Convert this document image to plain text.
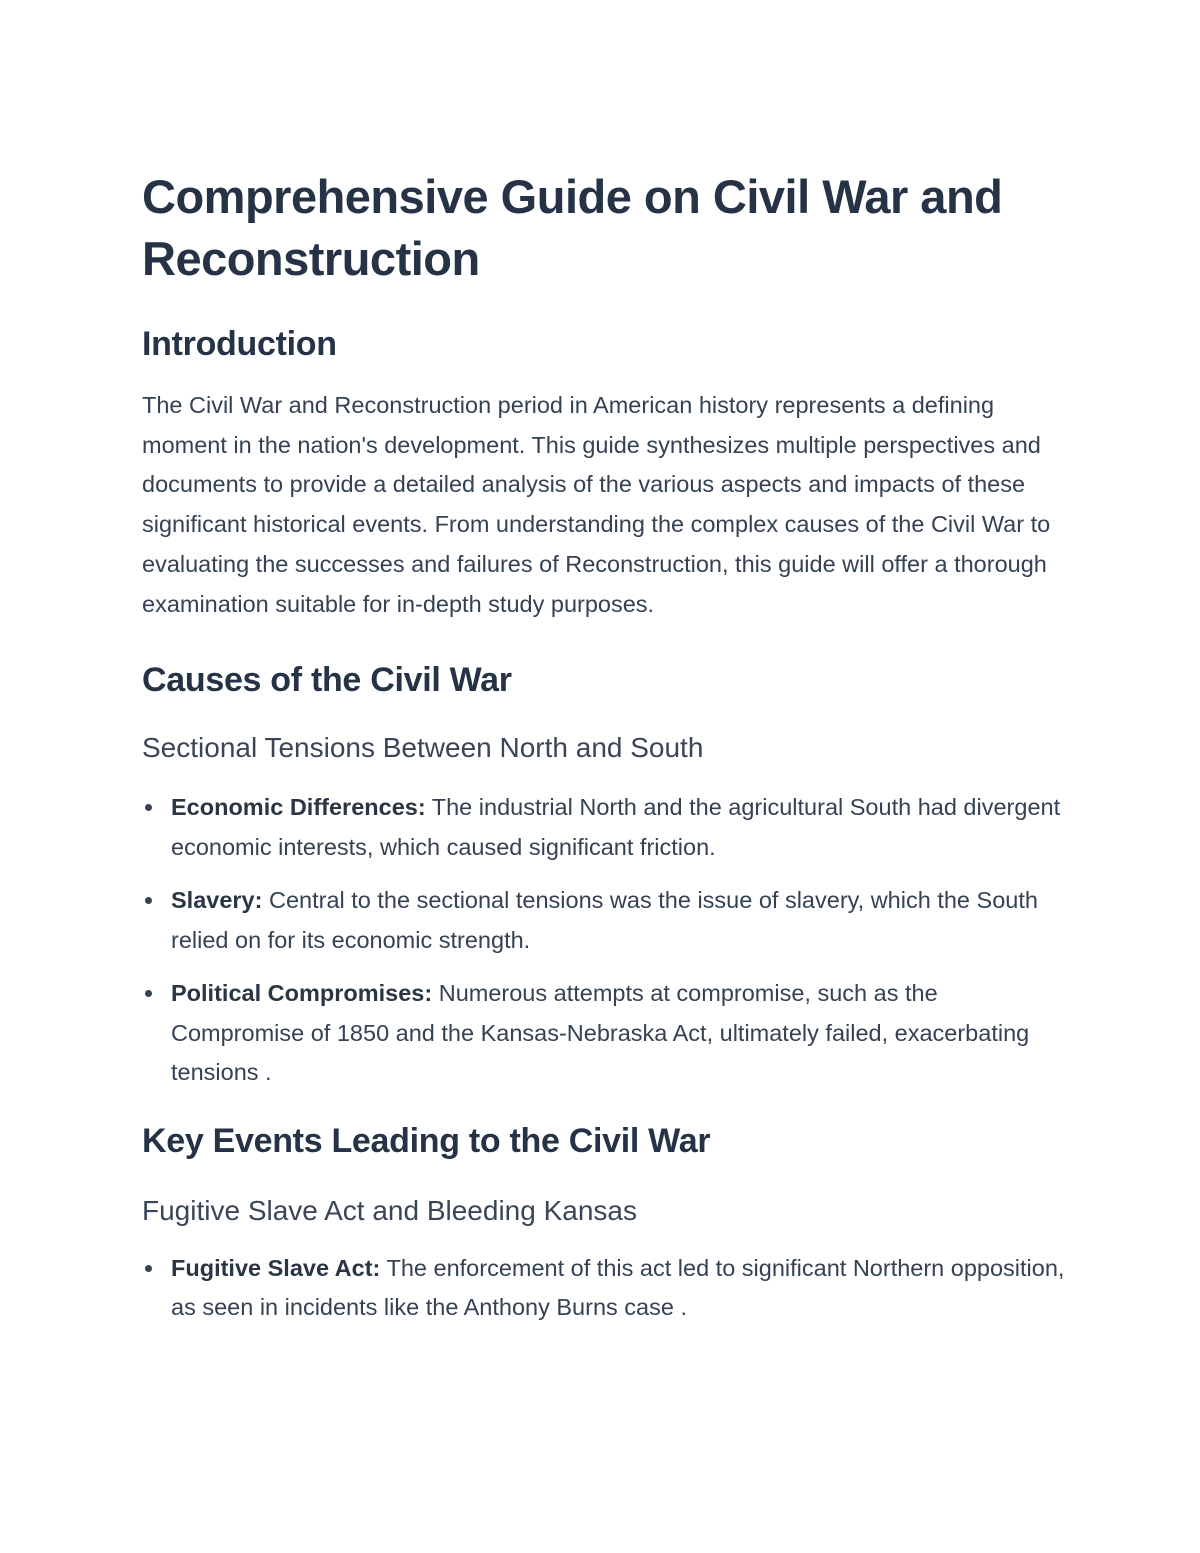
Comprehensive Guide on Civil War and Reconstruction
Introduction

The Civil War and Reconstruction period in American history represents a defining moment in the nation's development. This guide synthesizes multiple perspectives and documents to provide a detailed analysis of the various aspects and impacts of these significant historical events. From understanding the complex causes of the Civil War to evaluating the successes and failures of Reconstruction, this guide will offer a thorough examination suitable for in-depth study purposes.

Causes of the Civil War
Sectional Tensions Between North and South
Economic Differences: The industrial North and the agricultural South had divergent economic interests, which caused significant friction.
Slavery: Central to the sectional tensions was the issue of slavery, which the South relied on for its economic strength.
Political Compromises: Numerous attempts at compromise, such as the Compromise of 1850 and the Kansas-Nebraska Act, ultimately failed, exacerbating tensions .
Key Events Leading to the Civil War
Fugitive Slave Act and Bleeding Kansas
Fugitive Slave Act: The enforcement of this act led to significant Northern opposition, as seen in incidents like the Anthony Burns case .
